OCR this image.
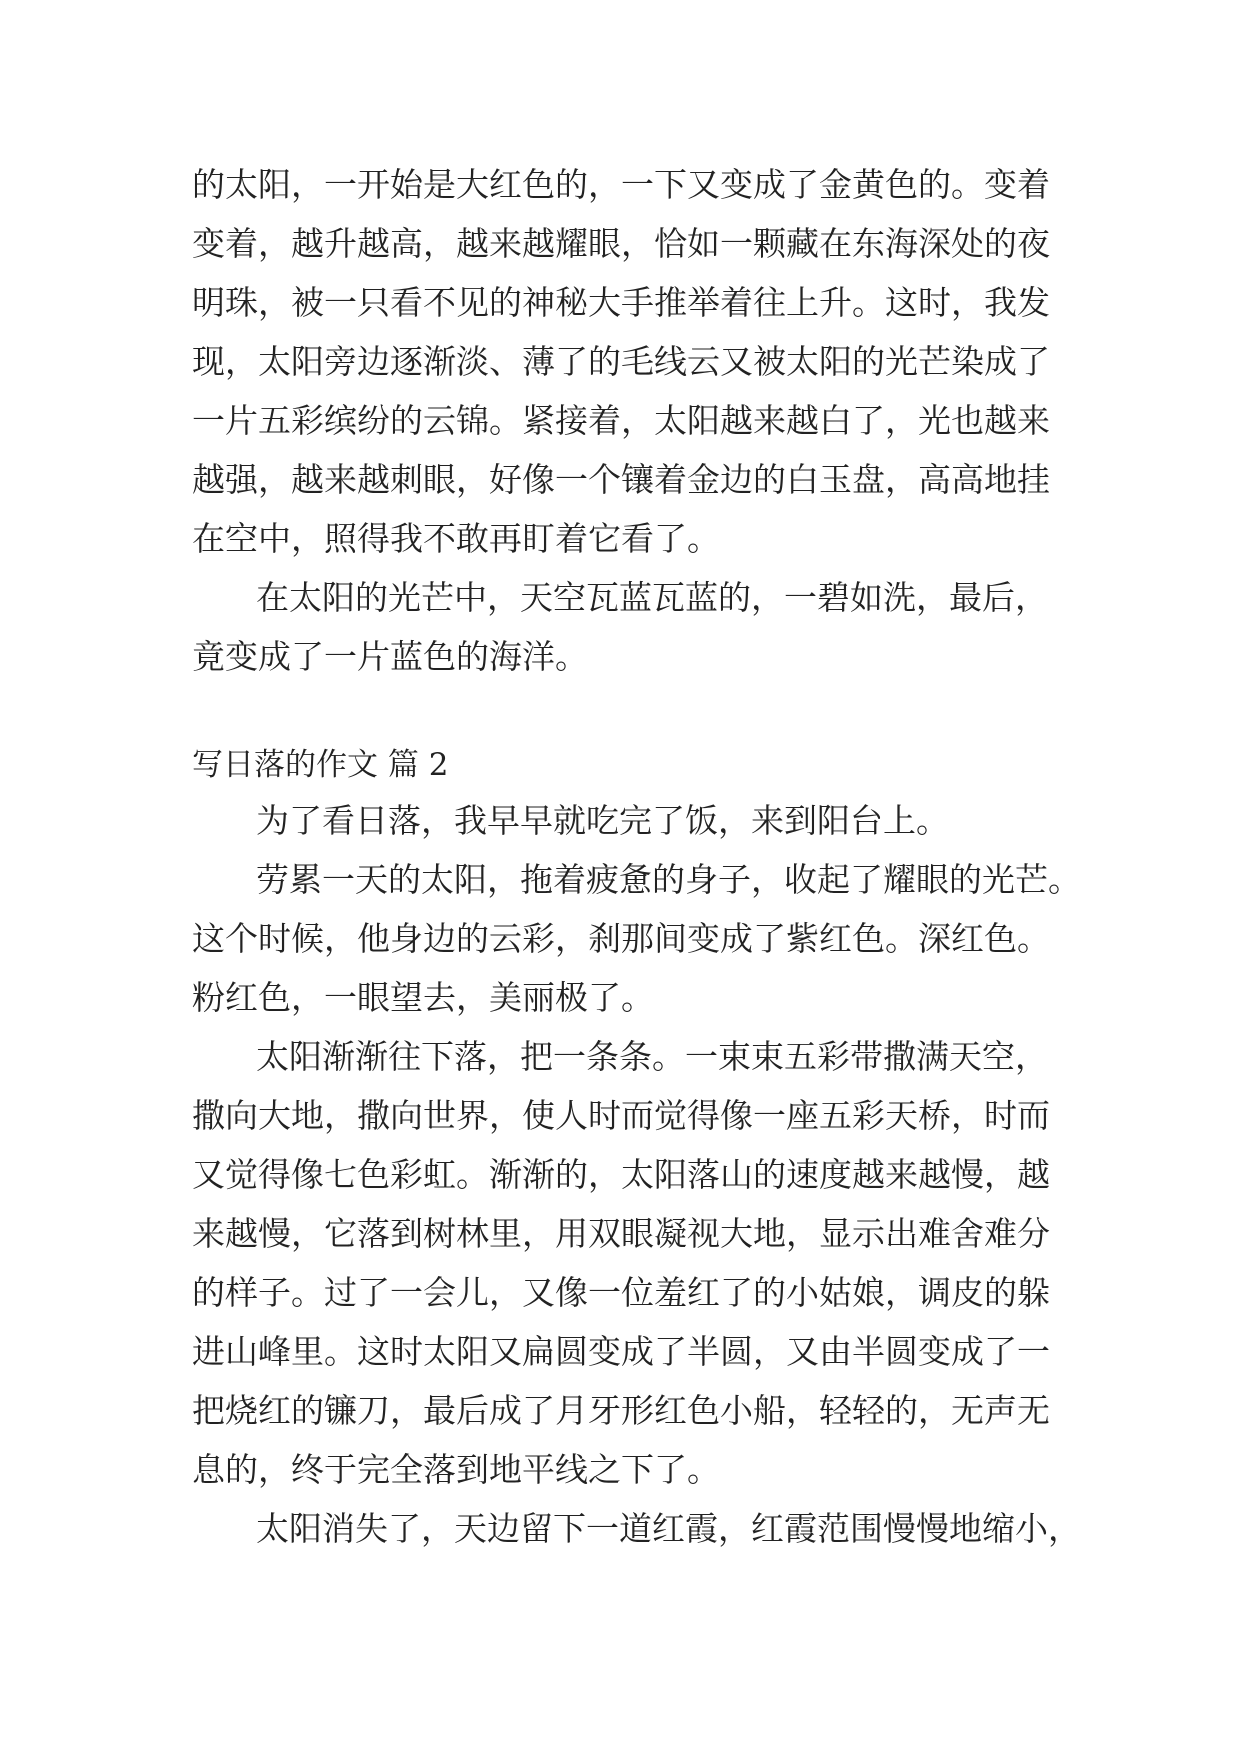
的太阳，一开始是大红色的，一下又变成了金黄色的。变着
变着，越升越高，越来越耀眼，恰如一颗藏在东海深处的夜
明珠，被一只看不见的神秘大手推举着往上升。这时，我发
现，太阳旁边逐渐淡、薄了的毛线云又被太阳的光芒染成了
一片五彩缤纷的云锦。紧接着，太阳越来越白了，光也越来
越强，越来越刺眼，好像一个镶着金边的白玉盘，高高地挂
在空中，照得我不敢再盯着它看了。
在太阳的光芒中，天空瓦蓝瓦蓝的，一碧如洗，最后，
竟变成了一片蓝色的海洋。
写日落的作文 篇 2
为了看日落，我早早就吃完了饭，来到阳台上。
劳累一天的太阳，拖着疲惫的身子，收起了耀眼的光芒。
这个时候，他身边的云彩，刹那间变成了紫红色。深红色。
粉红色，一眼望去，美丽极了。
太阳渐渐往下落，把一条条。一束束五彩带撒满天空，
撒向大地，撒向世界，使人时而觉得像一座五彩天桥，时而
又觉得像七色彩虹。渐渐的，太阳落山的速度越来越慢，越
来越慢，它落到树林里，用双眼凝视大地，显示出难舍难分
的样子。过了一会儿，又像一位羞红了的小姑娘，调皮的躲
进山峰里。这时太阳又扁圆变成了半圆，又由半圆变成了一
把烧红的镰刀，最后成了月牙形红色小船，轻轻的，无声无
息的，终于完全落到地平线之下了。
太阳消失了，天边留下一道红霞，红霞范围慢慢地缩小，
